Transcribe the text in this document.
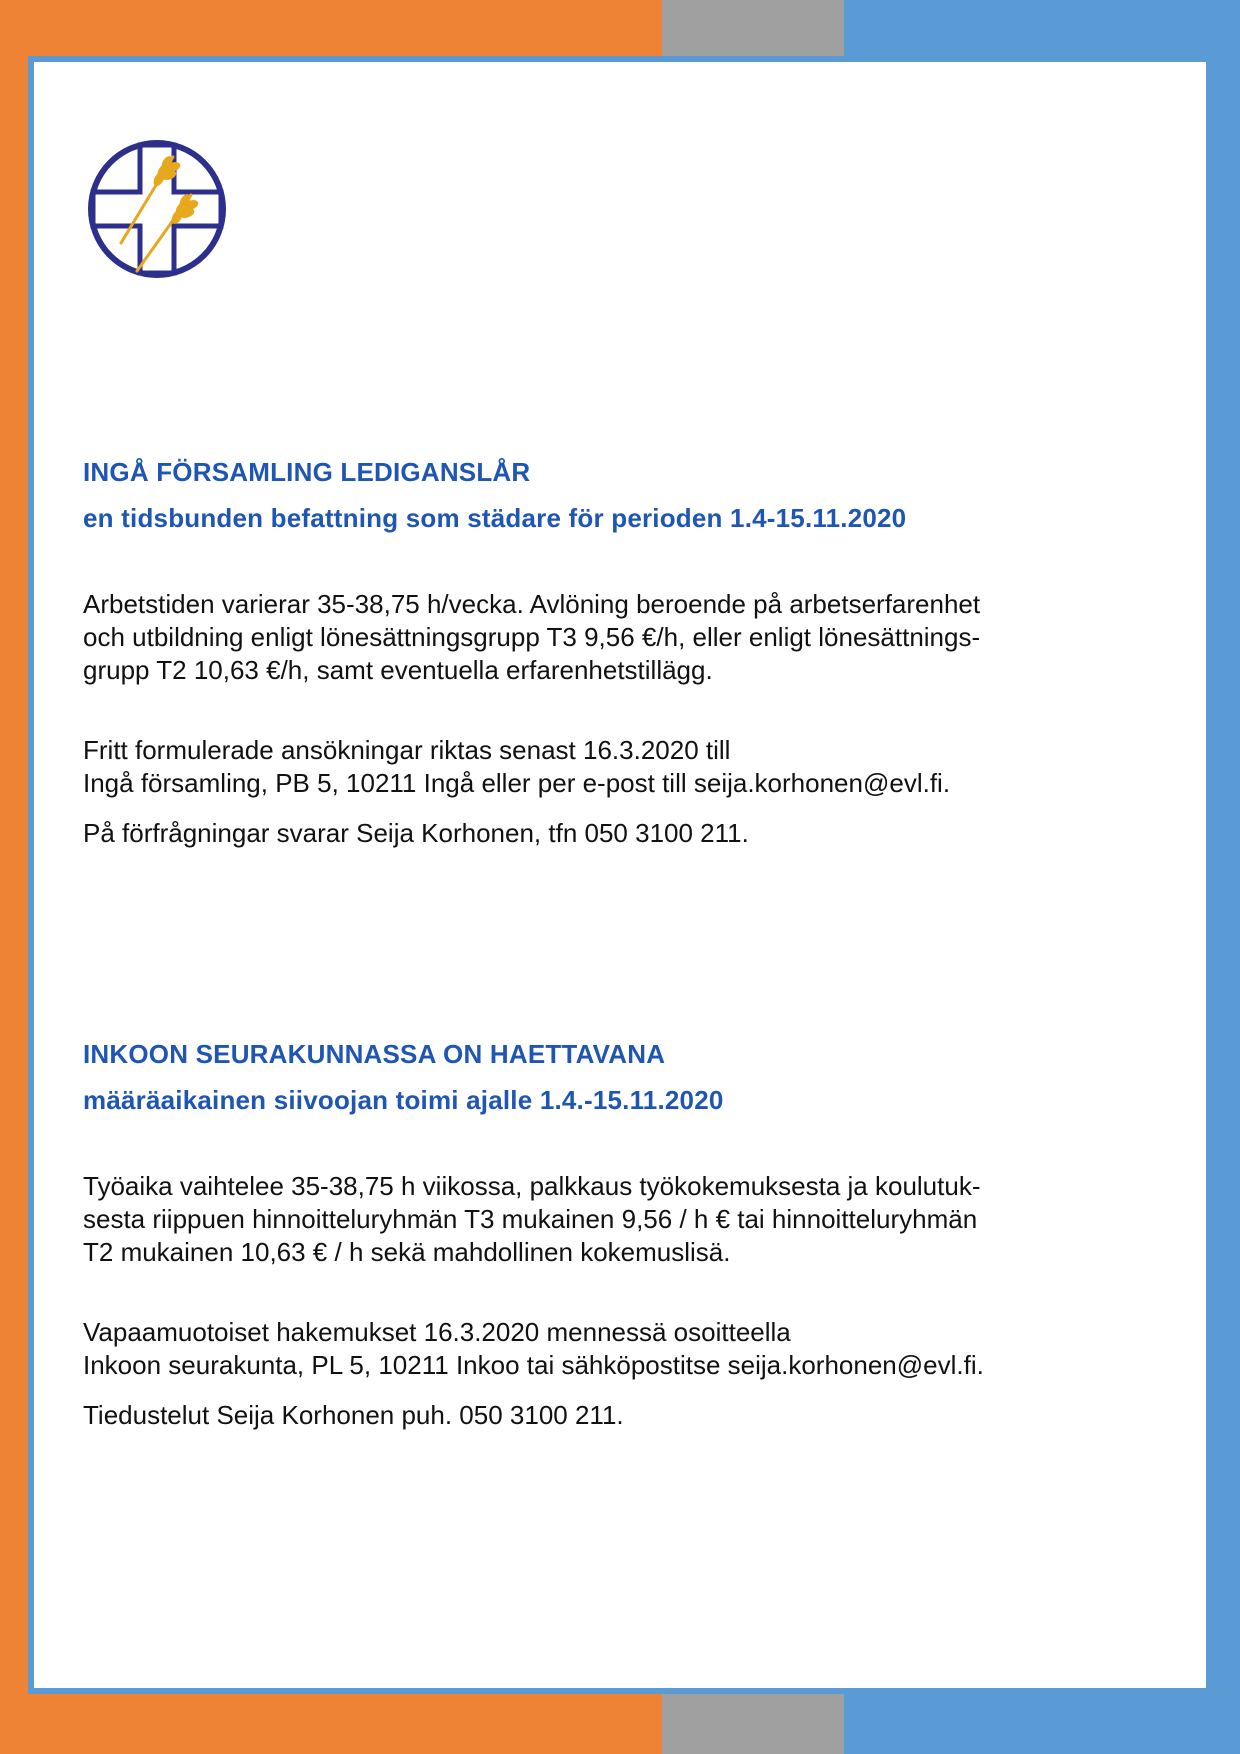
INGÅ FÖRSAMLING LEDIGANSLÅR
en tidsbunden befattning som städare för perioden 1.4-15.11.2020

Arbetstiden varierar 35-38,75 h/vecka. Avlöning beroende på arbetserfarenhet
och utbildning enligt lönesättningsgrupp T3 9,56 €/h, eller enligt lönesättnings-
grupp T2 10,63 €/h, samt eventuella erfarenhetstillägg.

Fritt formulerade ansökningar riktas senast 16.3.2020 till
Ingå församling, PB 5, 10211 Ingå eller per e-post till seija.korhonen@evl.fi.

På förfrågningar svarar Seija Korhonen, tfn 050 3100 211.

INKOON SEURAKUNNASSA ON HAETTAVANA
määräaikainen siivoojan toimi ajalle 1.4.-15.11.2020

Työaika vaihtelee 35-38,75 h viikossa, palkkaus työkokemuksesta ja koulutuk-
sesta riippuen hinnoitteluryhmän T3 mukainen 9,56 / h € tai hinnoitteluryhmän
T2 mukainen 10,63 € / h sekä mahdollinen kokemuslisä.

Vapaamuotoiset hakemukset 16.3.2020 mennessä osoitteella
Inkoon seurakunta, PL 5, 10211 Inkoo tai sähköpostitse seija.korhonen@evl.fi.

Tiedustelut Seija Korhonen puh. 050 3100 211.
